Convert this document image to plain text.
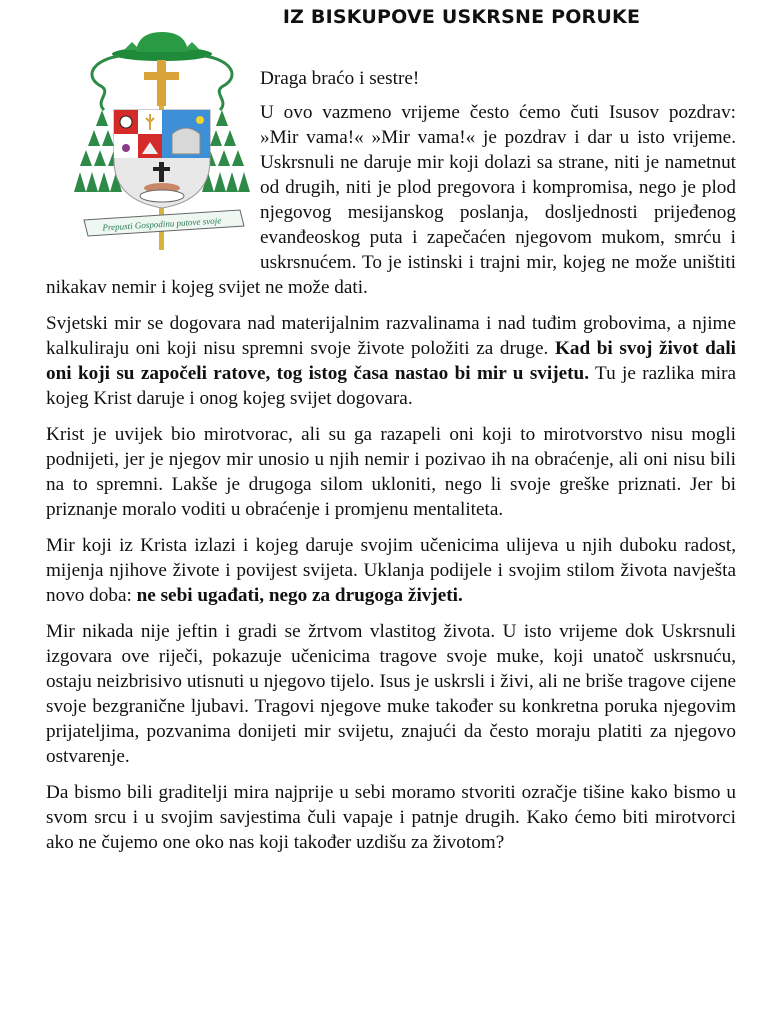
IZ BISKUPOVE USKRSNE PORUKE
Prepusti Gospodinu putove svoje

Draga braćo i sestre!

U ovo vazmeno vrijeme često ćemo čuti Isusov pozdrav: »Mir vama!« »Mir vama!« je pozdrav i dar u isto vrijeme. Uskrsnuli ne daruje mir koji dolazi sa strane, niti je nametnut od drugih, niti je plod pregovora i kompromisa, nego je plod njegovog mesijanskog poslanja, dosljednosti prijeđenog evanđeoskog puta i zapečaćen njegovom mukom, smrću i uskrsnućem. To je istinski i trajni mir, kojeg ne može uništiti nikakav nemir i kojeg svijet ne može dati.

Svjetski mir se dogovara nad materijalnim razvalinama i nad tuđim grobovima, a njime kalkuliraju oni koji nisu spremni svoje živote položiti za druge. Kad bi svoj život dali oni koji su započeli ratove, tog istog časa nastao bi mir u svijetu. Tu je razlika mira kojeg Krist daruje i onog kojeg svijet dogovara.

Krist je uvijek bio mirotvorac, ali su ga razapeli oni koji to mirotvorstvo nisu mogli podnijeti, jer je njegov mir unosio u njih nemir i pozivao ih na obraćenje, ali oni nisu bili na to spremni. Lakše je drugoga silom ukloniti, nego li svoje greške priznati. Jer bi priznanje moralo voditi u obraćenje i promjenu mentaliteta.

Mir koji iz Krista izlazi i kojeg daruje svojim učenicima ulijeva u njih duboku radost, mijenja njihove živote i povijest svijeta. Uklanja podijele i svojim stilom života navješta novo doba: ne sebi ugađati, nego za drugoga živjeti.

Mir nikada nije jeftin i gradi se žrtvom vlastitog života. U isto vrijeme dok Uskrsnuli izgovara ove riječi, pokazuje učenicima tragove svoje muke, koji unatoč uskrsnuću, ostaju neizbrisivo utisnuti u njegovo tijelo. Isus je uskrsli i živi, ali ne briše tragove cijene svoje bezgranične ljubavi. Tragovi njegove muke također su konkretna poruka njegovim prijateljima, pozvanima donijeti mir svijetu, znajući da često moraju platiti za njegovo ostvarenje.

Da bismo bili graditelji mira najprije u sebi moramo stvoriti ozračje tišine kako bismo u svom srcu i u svojim savjestima čuli vapaje i patnje drugih. Kako ćemo biti mirotvorci ako ne čujemo one oko nas koji također uzdišu za životom?
